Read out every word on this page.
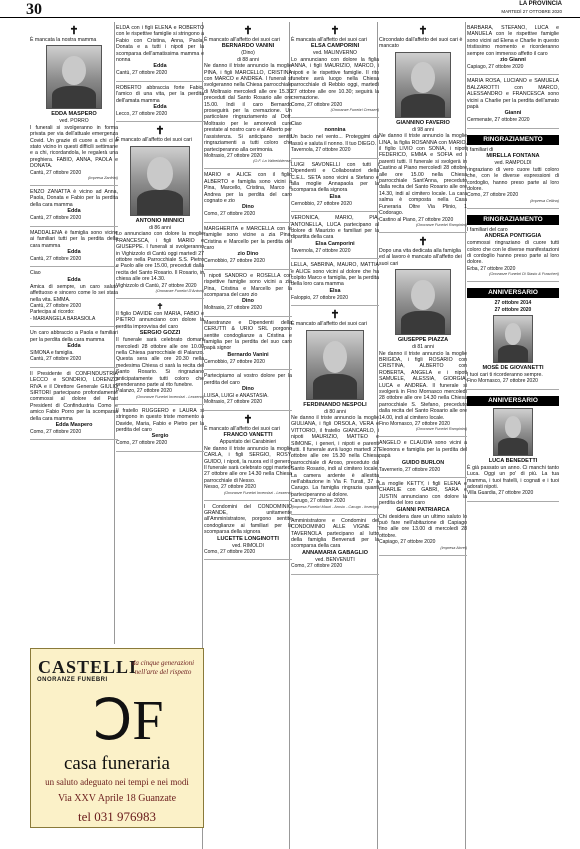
30	LA PROVINCIA
MARTEDÌ 27 OTTOBRE 2020
✝
È mancata la nostra mamma
EDDA MASPERO
ved. PORRO
I funerali si svolgeranno in forma privata per via dell'attuale emergenza Covid. Un grazie di cuore a chi ci è stato vicino in questi difficili settimane e a chi, ricordandola, le regalerà una preghiera. FABIO, ANNA, PAOLA e DONATA.
Cantù, 27 ottobre 2020
(Impresa Zanfrini)
ENZO ZANATTA è vicino ad Anna, Paola, Donata e Fabio per la perdita della cara mamma
Edda
Cantù, 27 ottobre 2020
MADDALENA è famiglia sono vicine ai familiari tutti per la perdita della cara mamma
Edda
Cantù, 27 ottobre 2020
Ciao
Edda
Amica di sempre, un caro saluto affettuoso e sincero come lo sei stata nella vita. EMMA.
Cantù, 27 ottobre 2020
Partecipa al ricordo:
- MARIANGELA BARASIOLA
Un caro abbraccio a Paola e familiari per la perdita della cara mamma
Edda
SIMONA e famiglia.
Cantù, 27 ottobre 2020
Il Presidente di CONFINDUSTRIA LECCO e SONDRIO, LORENZO RIVA e il Direttore Generale GIULIO SIRTORI partecipano profondamente commossi al dolore del Past President di Confindustria Como e amico Fabio Porro per la scomparsa della cara mamma
Edda Maspero
Como, 27 ottobre 2020
ELDA con i figli ELENA e ROBERTO con le rispettive famiglie si stringono a Fabio con Cristina, Anna, Paola, Donata e a tutti i nipoti per la scomparsa dell'amatissima mamma e nonna
Edda
Cantù, 27 ottobre 2020
ROBERTO abbraccia forte Fabio, l'amico di una vita, per la perdita dell'amata mamma
Edda
Lecco, 27 ottobre 2020
✝
È mancato all'affetto dei suoi cari
ANTONIO MINNICI
di 86 anni
Lo annunciano con dolore la moglie FRANCESCA, i figli MARIO e GIUSEPPE. I funerali si svolgeranno in Vighizzolo di Cantù oggi martedì 27 ottobre nella Parrocchiale S.S. Pietro e Paolo alle ore 15.00, preceduti dalla recita del Santo Rosario. Il Rosario, in chiesa alle ore 14.30.
Vighizzolo di Cantù, 27 ottobre 2020
(Onoranze Funebri D'Antoni)
✝
Il figlio DAVIDE con MARIA, FABIO e PIETRO annunciano con dolore la perdita improvvisa del caro
SERGIO GOZZI
Il funerale sarà celebrato domani mercoledì 28 ottobre alle ore 10.00 nella Chiesa parrocchiale di Palanzo. Questa sera alle ore 20.30 nella medesima Chiesa ci sarà la recita del Santo Rosario. Si ringraziano anticipatamente tutti coloro che prenderanno parte al rito funebre.
Palanzo, 27 ottobre 2020
(Onoranze Funebri Invernizzi - Lezzeno)
Il fratello RUGGERO e LAURA si stringono in questo triste momento a Davide, Maria, Fabio e Pietro per la perdita del caro
Sergio
Como, 27 ottobre 2020
✝
È mancato all'affetto dei suoi cari
BERNARDO VANINI
(Dino)
di 88 anni
Ne danno il triste annuncio la moglie PINA, i figli MARCELLO, CRISTINA con MARCO e ANDREA. I funerali si svolgeranno nella Chiesa parrocchiale di Moltrasio mercoledì alle ore 15.30 preceduti dal Santo Rosario alle ore 15.00. Indi il caro Bernardo proseguirà per la cremazione. Un particolare ringraziamento al Dott. Moltrasio per le amorevoli cure prestate al nostro caro e al Alberto per l'assistenza. Si anticipano sentiti ringraziamenti a tutti coloro che parteciperanno alla cerimonia.
Moltrasio, 27 ottobre 2020
(O.F. La Valtrebbiense)
MARIO e ALICE con il figlio ALBERTO e famiglia sono vicini a Pina, Marcello, Cristina, Marco e Andrea per la perdita del caro cognato e zio
Dino
Como, 27 ottobre 2020
MARGHERITA e MARCELLA con le famiglie sono vicine a zia Pina, Cristina e Marcello per la perdita del caro
zio Dino
Cernobbio, 27 ottobre 2020
I nipoti SANDRO e ROSELLA con rispettive famiglie sono vicini a zia Pina, Cristina e Marcello per la scomparsa del caro zio
Dino
Moltrasio, 27 ottobre 2020
Maestranze e Dipendenti della CERUTTI & URIO SRL porgono sentite condoglianze a Cristina e famiglia per la perdita del suo caro papà signor
Bernardo Vanini
Cernobbio, 27 ottobre 2020
Partecipiamo al vostro dolore per la perdita del caro
Dino
LUISA, LUIGI e ANASTASIA.
Moltrasio, 27 ottobre 2020
✝
È mancato all'affetto dei suoi cari
FRANCO VANETTI
Appuntato dei Carabinieri
Ne danno il triste annuncio la moglie CARLA, i figli SERGIO, ROSY, GUIDO, i nipoti, la nuora ed il genero. Il funerale sarà celebrato oggi martedì 27 ottobre alle ore 14.30 nella Chiesa parrocchiale di Nesso.
Nesso, 27 ottobre 2020
(Onoranze Funebri Invernizzi - Lezzeno)
I Condomini del CONDOMINIO GRANDE, unitamente all'Amministratore, porgono sentite condoglianze ai familiari per la scomparsa della signora
LUCETTE LONGINOTTI
ved. RIMOLDI
Como, 27 ottobre 2020
✝
È mancata all'affetto dei suoi cari
ELSA CAMPORINI
ved. MALINVERNO
Lo annunciano con dolore la figlia ANNA, i figli MAURIZIO, MARCO, i nipoti e le rispettive famiglie. Il rito funebre avrà luogo nella Chiesa parrocchiale di Rebbio oggi, martedì 27 ottobre alle ore 10.30; seguirà la cremazione.
Como, 27 ottobre 2020
(Onoranze Funebri Cresseri)
Ciao
nonnina
Un bacio nel vento... Proteggimi da lassù e saluta il nonno. Il tuo DIEGO.
Tavernola, 27 ottobre 2020
LUIGI SAVONELLI con tutti i Dipendenti e Collaboratori della C.E.L. SETA sono vicini a Stefano e alla moglie Annapaola per la scomparsa della signora
Elsa
Cernobbio, 27 ottobre 2020
VERONICA, MARIO, PIA, ANTONELLA, LUCA partecipano al dolore di Maurizio e familiari per la dipartita della cara
Elsa Camporini
Tavernola, 27 ottobre 2020
LELLA, SABRINA, MAURO, MATTIA e ALICE sono vicini al dolore che ha colpito Marco e famiglia, per la perdita della loro cara mamma
Elsa
Faloppio, 27 ottobre 2020
✝
È mancato all'affetto dei suoi cari
FERDINANDO NESPOLI
di 80 anni
Ne danno il triste annuncio la moglie GIULIANA, i figli ORSOLA, VERA e VITTORIO, il fratello GIANCARLO, i nipoti MAURIZIO, MATTEO e SIMONE, i generi, i nipoti e parenti tutti. Il funerale avrà luogo martedì 27 ottobre alle ore 15.30 nella Chiesa parrocchiale di Aroso, preceduto dal Santo Rosario, indi al cimitero locale. La camera ardente è allestita nell'abitazione in Via F. Turati, 37 a Carugo. La famiglia ringrazia quanti parteciperanno al dolore.
Carugo, 27 ottobre 2020
(Impresa Funebri Mauri - Arosio - Carugo - Inverigo)
Amministratore e Condomini del CONDOMINIO ALLE VIGNE - TAVERNOLA partecipano al lutto della famiglia Benvenuti per la scomparsa della cara
ANNAMARIA GABAGLIO
ved. BENVENUTI
Como, 27 ottobre 2020
✝
Circondato dall'affetto dei suoi cari è mancato
GIANNINO FAVERIO
di 98 anni
Ne danno il triste annuncio la moglie LINA, la figlia ROSANNA con MARIO, il figlio LIVIO con SONIA, i nipoti FEDERICO, EMMA e SOFIA ed i parenti tutti. Il funerale si svolgerà in Castino al Piano mercoledì 28 ottobre alle ore 15.00 nella Chiesa parrocchiale Sant'Anna, preceduto dalla recita del Santo Rosario alle ore 14.30, indi al cimitero locale. La cara salma è composta nella Casa Funeraria Oltre Via Plinio, 1 Codorago.
Castino al Piano, 27 ottobre 2020
(Onoranze Funebri Rampinini)
✝
Dopo una vita dedicata alla famiglia ed al lavoro è mancato all'affetto dei suoi cari
GIUSEPPE PIAZZA
di 81 anni
Ne danno il triste annuncio la moglie BRIGIDA, i figli ROSARIO con CRISTINA, ALBERTO con ROBERTA, ANGELA e i nipoti SAMUELE, ALESSIA, GIORGIA, LUCA e ANDREA. Il funerale si svolgerà in Fino Mornasco mercoledì 28 ottobre alle ore 14.30 nella Chiesa parrocchiale S. Stefano, preceduto dalla recita del Santo Rosario alle ore 14.00, indi al cimitero locale.
Fino Mornasco, 27 ottobre 2020
(Onoranze Funebri Rampinini)
ANGELO e CLAUDIA sono vicini a Eleonora e famiglia per la perdita del papà
GUIDO BURLON
Tavernerio, 27 ottobre 2020
La moglie KETTY, i figli ELENA e CHARLIE con GABRI, SARA e JUSTIN annunciano con dolore la perdita del loro caro
GIANNI PATRIARCA
Chi desidera dare un ultimo saluto lo può fare nell'abitazione di Capiago fino alle ore 13.00 di mercoledì 28 ottobre.
Capiago, 27 ottobre 2020
(Impresa Aicrel)
BARBARA, STEFANO, LUCA e MANUELA con le rispettive famiglie sono vicini ad Elena e Charlie in questo tristissimo momento e ricorderanno sempre con immenso affetto il caro
zio Gianni
Capiago, 27 ottobre 2020
MARIA ROSA, LUCIANO e SAMUELA BALZAROTTI con MARCO, ALESSANDRO e FRANCESCA sono vicini a Charlie per la perdita dell'amato papà
Gianni
Cermenate, 27 ottobre 2020
RINGRAZIAMENTO
I familiari di
MIRELLA FONTANA
ved. RAMPOLDI
ringraziano di vero cuore tutti coloro che, con le diverse espressioni di cordoglio, hanno preso parte al loro dolore.
Como, 27 ottobre 2020
(Impresa Cellina)
RINGRAZIAMENTO
I familiari del caro
ANDREA PONTIGGIA
commossi ringraziano di cuore tutti coloro che con le diverse manifestazioni di cordoglio hanno preso parte al loro dolore.
Erba, 27 ottobre 2020
(Onoranze Funebri Di Stasio & Frascheri)
ANNIVERSARIO
27 ottobre 2014
27 ottobre 2020
MOSÈ DE GIOVANETTI
I tuoi cari ti ricorderanno sempre.
Fino Mornasco, 27 ottobre 2020
ANNIVERSARIO
LUCA BENEDETTI
È già passato un anno. Ci manchi tanto Luca. Oggi un po' di più. La tua mamma, i tuoi fratelli, i cognati e i tuoi adorati nipoti.
Villa Guardia, 27 ottobre 2020
CASTELLI
ONORANZE FUNEBRI
da cinque generazioni nell'arte del rispetto
ↃF
casa funeraria
un saluto adeguato nei tempi e nei modi
Via XXV Aprile 18 Guanzate
tel 031 976983
